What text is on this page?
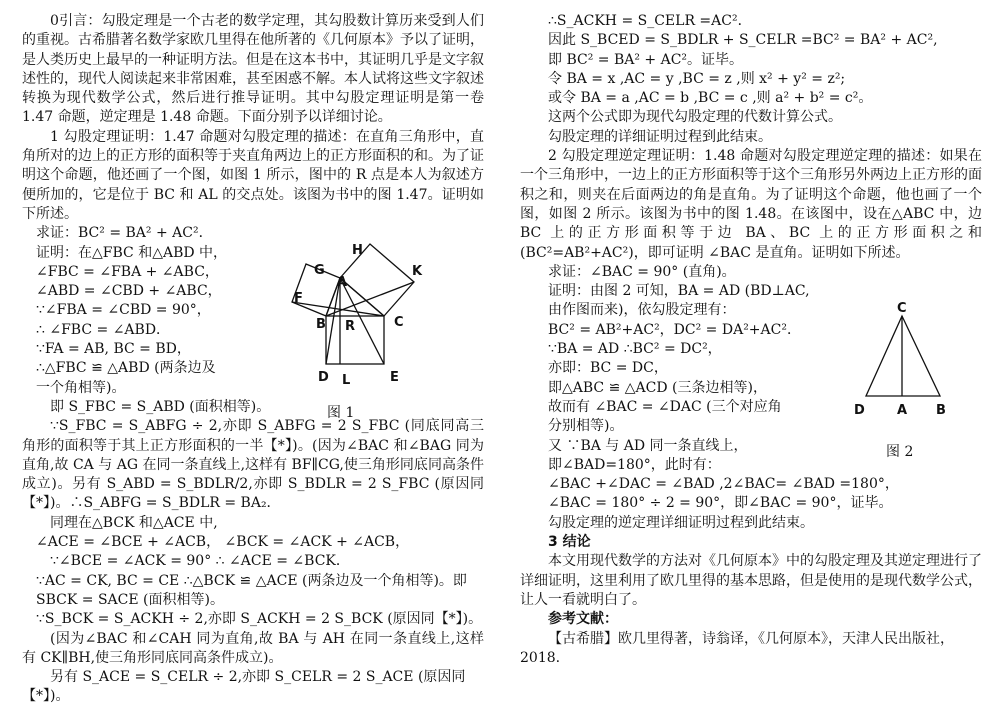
0引言：勾股定理是一个古老的数学定理，其勾股数计算历来受到人们的重视。古希腊著名数学家欧几里得在他所著的《几何原本》予以了证明，是人类历史上最早的一种证明方法。但是在这本书中，其证明几乎是文字叙述性的，现代人阅读起来非常困难，甚至困惑不解。本人试将这些文字叙述转换为现代数学公式，然后进行推导证明。其中勾股定理证明是第一卷 1.47 命题，逆定理是 1.48 命题。下面分别予以详细讨论。

1 勾股定理证明：1.47 命题对勾股定理的描述：在直角三角形中，直角所对的边上的正方形的面积等于夹直角两边上的正方形面积的和。为了证明这个命题，他还画了一个图，如图 1 所示，图中的 R 点是本人为叙述方便所加的，它是位于 BC 和 AL 的交点处。该图为书中的图 1.47。证明如下所述。

求证：BC² = BA² + AC²．

证明：在△FBC 和△ABD 中，

∠FBC = ∠FBA + ∠ABC，

∠ABD = ∠CBD + ∠ABC，

∵∠FBA = ∠CBD = 90°，

∴ ∠FBC = ∠ABD．

∵FA = AB, BC = BD，

∴△FBC ≌ △ABD (两条边及

一个角相等)。

即 S_FBC = S_ABD (面积相等)。

∵S_FBC = S_ABFG ÷ 2,亦即 S_ABFG = 2 S_FBC (同底同高三角形的面积等于其上正方形面积的一半【*】)。(因为∠BAC 和∠BAG 同为直角,故 CA 与 AG 在同一条直线上,这样有 BF∥CG,使三角形同底同高条件成立)。另有 S_ABD = S_BDLR/2,亦即 S_BDLR = 2 S_FBC (原因同【*】)。∴S_ABFG = S_BDLR = BA₂．

同理在△BCK 和△ACE 中,

∠ACE = ∠BCE + ∠ACB， ∠BCK = ∠ACK + ∠ACB，

∵∠BCE = ∠ACK = 90° ∴ ∠ACE = ∠BCK．

∵AC = CK, BC = CE ∴△BCK ≌ △ACE (两条边及一个角相等)。即 SBCK = SACE (面积相等)。

∵S_BCK = S_ACKH ÷ 2,亦即 S_ACKH = 2 S_BCK (原因同【*】)。

(因为∠BAC 和∠CAH 同为直角,故 BA 与 AH 在同一条直线上,这样有 CK∥BH,使三角形同底同高条件成立)。

另有 S_ACE = S_CELR ÷ 2,亦即 S_CELR = 2 S_ACE (原因同【*】)。

∴S_ACKH = S_CELR =AC²．

因此 S_BCED = S_BDLR + S_CELR =BC² = BA² + AC²,

即 BC² = BA² + AC²。证毕。

令 BA = x ,AC = y ,BC = z ,则 x² + y² = z²;

或令 BA = a ,AC = b ,BC = c ,则 a² + b² = c²。

这两个公式即为现代勾股定理的代数计算公式。

勾股定理的详细证明过程到此结束。

2 勾股定理逆定理证明：1.48 命题对勾股定理逆定理的描述：如果在一个三角形中，一边上的正方形面积等于这个三角形另外两边上正方形的面积之和，则夹在后面两边的角是直角。为了证明这个命题，他也画了一个图，如图 2 所示。该图为书中的图 1.48。在该图中，设在△ABC 中，边 BC 上的正方形面积等于边 BA、BC 上的正方形面积之和(BC²=AB²+AC²)，即可证明 ∠BAC 是直角。证明如下所述。

求证：∠BAC = 90° (直角)。

证明：由图 2 可知，BA = AD (BD⊥AC,

由作图而来)，依勾股定理有：

BC² = AB²+AC²，DC² = DA²+AC²．

∵BA = AD ∴BC² = DC²，

亦即：BC = DC，

即△ABC ≌ △ACD (三条边相等)，

故而有 ∠BAC = ∠DAC (三个对应角

分别相等)。

又 ∵BA 与 AD 同一条直线上，

即∠BAD=180°，此时有：

∠BAC +∠DAC = ∠BAD ,2∠BAC= ∠BAD =180°，

∠BAC = 180° ÷ 2 = 90°，即∠BAC = 90°，证毕。

勾股定理的逆定理详细证明过程到此结束。

3 结论

本文用现代数学的方法对《几何原本》中的勾股定理及其逆定理进行了详细证明，这里利用了欧几里得的基本思路，但是使用的是现代数学公式，让人一看就明白了。

参考文献：

【古希腊】欧几里得著，诗翁译，《几何原本》，天津人民出版社，2018.

H
G
A
K
F
B R	C
D L	E
图 1
C
D A B
图 2
